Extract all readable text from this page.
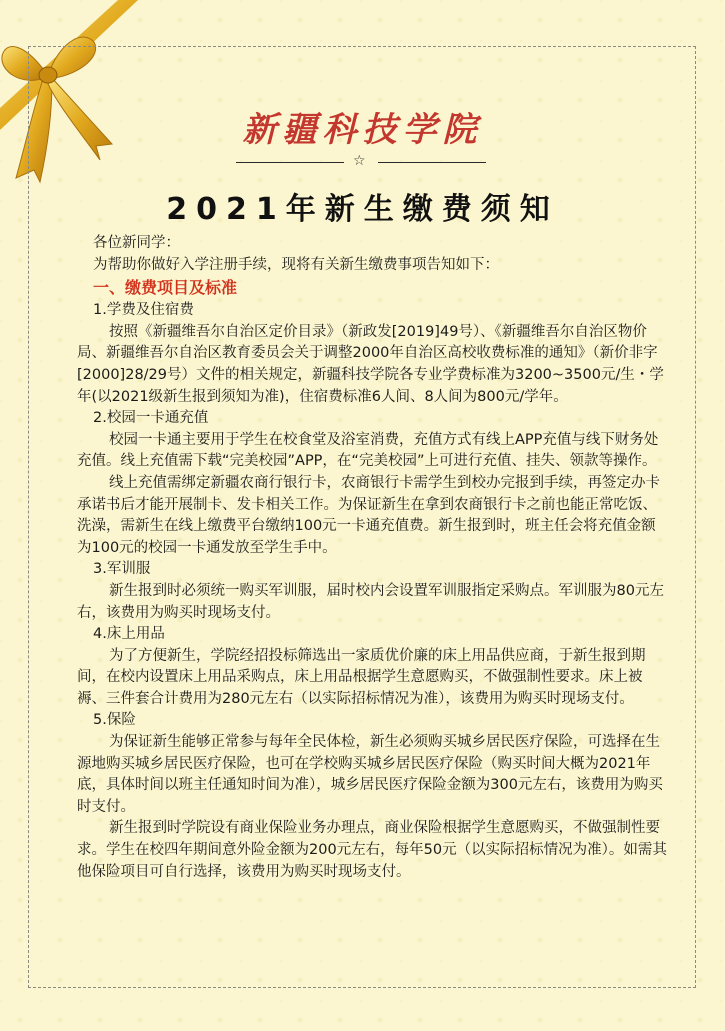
新疆科技学院
☆
2021年新生缴费须知

各位新同学：

为帮助你做好入学注册手续，现将有关新生缴费事项告知如下：

一、缴费项目及标准

1.学费及住宿费

按照《新疆维吾尔自治区定价目录》（新政发[2019]49号）、《新疆维吾尔自治区物价局、新疆维吾尔自治区教育委员会关于调整2000年自治区高校收费标准的通知》（新价非字[2000]28/29号）文件的相关规定，新疆科技学院各专业学费标准为3200~3500元/生・学年(以2021级新生报到须知为准)，住宿费标准6人间、8人间为800元/学年。

2.校园一卡通充值

校园一卡通主要用于学生在校食堂及浴室消费，充值方式有线上APP充值与线下财务处充值。线上充值需下载“完美校园”APP，在“完美校园”上可进行充值、挂失、领款等操作。

线上充值需绑定新疆农商行银行卡，农商银行卡需学生到校办完报到手续，再签定办卡承诺书后才能开展制卡、发卡相关工作。为保证新生在拿到农商银行卡之前也能正常吃饭、洗澡，需新生在线上缴费平台缴纳100元一卡通充值费。新生报到时，班主任会将充值金额为100元的校园一卡通发放至学生手中。

3.军训服

新生报到时必须统一购买军训服，届时校内会设置军训服指定采购点。军训服为80元左右，该费用为购买时现场支付。

4.床上用品

为了方便新生，学院经招投标筛选出一家质优价廉的床上用品供应商，于新生报到期间，在校内设置床上用品采购点，床上用品根据学生意愿购买，不做强制性要求。床上被褥、三件套合计费用为280元左右（以实际招标情况为准），该费用为购买时现场支付。

5.保险

为保证新生能够正常参与每年全民体检，新生必须购买城乡居民医疗保险，可选择在生源地购买城乡居民医疗保险，也可在学校购买城乡居民医疗保险（购买时间大概为2021年底，具体时间以班主任通知时间为准），城乡居民医疗保险金额为300元左右，该费用为购买时支付。

新生报到时学院设有商业保险业务办理点，商业保险根据学生意愿购买，不做强制性要求。学生在校四年期间意外险金额为200元左右，每年50元（以实际招标情况为准）。如需其他保险项目可自行选择，该费用为购买时现场支付。
